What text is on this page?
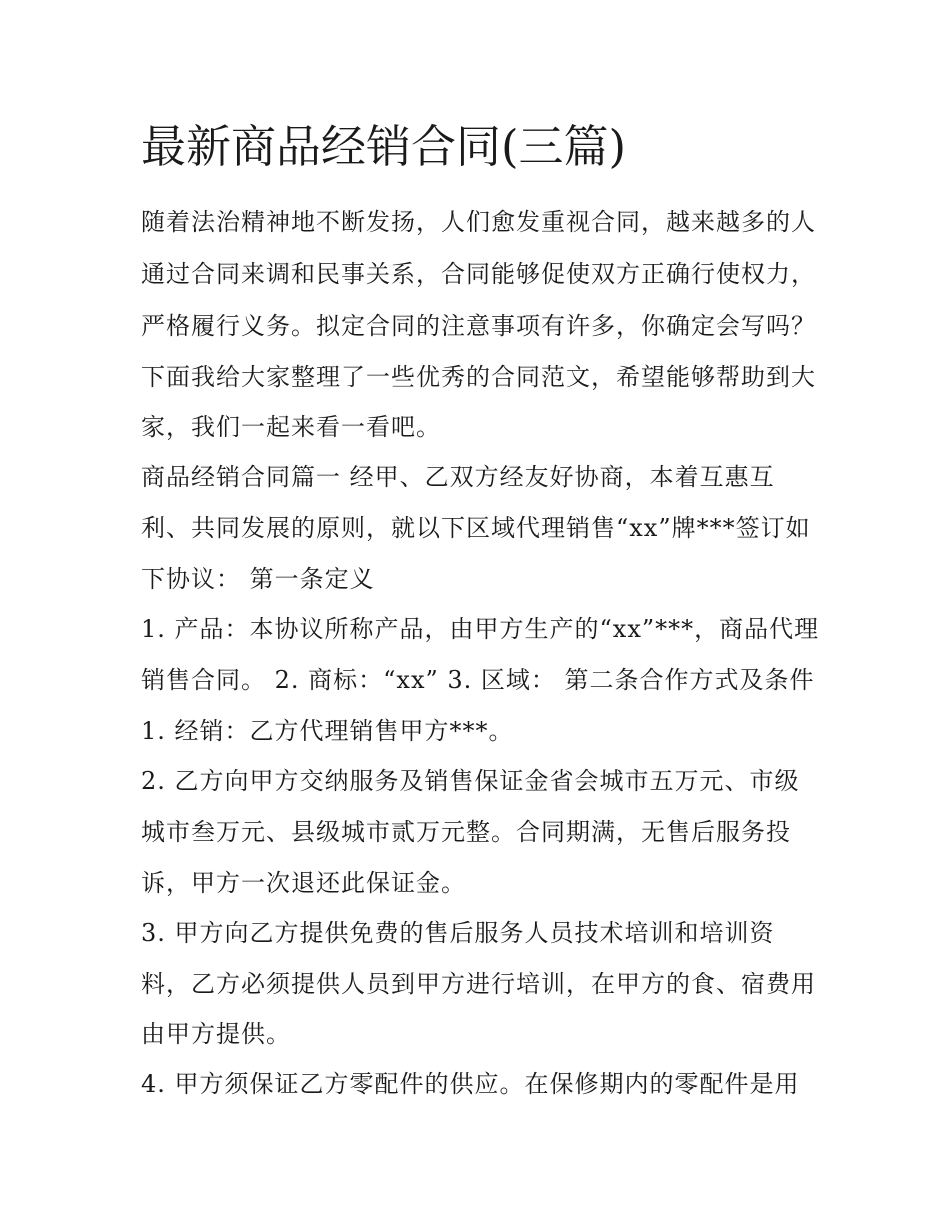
最新商品经销合同(三篇)

随着法治精神地不断发扬，人们愈发重视合同，越来越多的人

通过合同来调和民事关系，合同能够促使双方正确行使权力，

严格履行义务。拟定合同的注意事项有许多，你确定会写吗？

下面我给大家整理了一些优秀的合同范文，希望能够帮助到大

家，我们一起来看一看吧。

商品经销合同篇一 经甲、乙双方经友好协商，本着互惠互

利、共同发展的原则，就以下区域代理销售“xx”牌***签订如

下协议： 第一条定义

1. 产品：本协议所称产品，由甲方生产的“xx”***，商品代理

销售合同。 2. 商标：“xx” 3. 区域： 第二条合作方式及条件

1. 经销：乙方代理销售甲方***。

2. 乙方向甲方交纳服务及销售保证金省会城市五万元、市级

城市叁万元、县级城市贰万元整。合同期满，无售后服务投

诉，甲方一次退还此保证金。

3. 甲方向乙方提供免费的售后服务人员技术培训和培训资

料，乙方必须提供人员到甲方进行培训，在甲方的食、宿费用

由甲方提供。

4. 甲方须保证乙方零配件的供应。在保修期内的零配件是用
